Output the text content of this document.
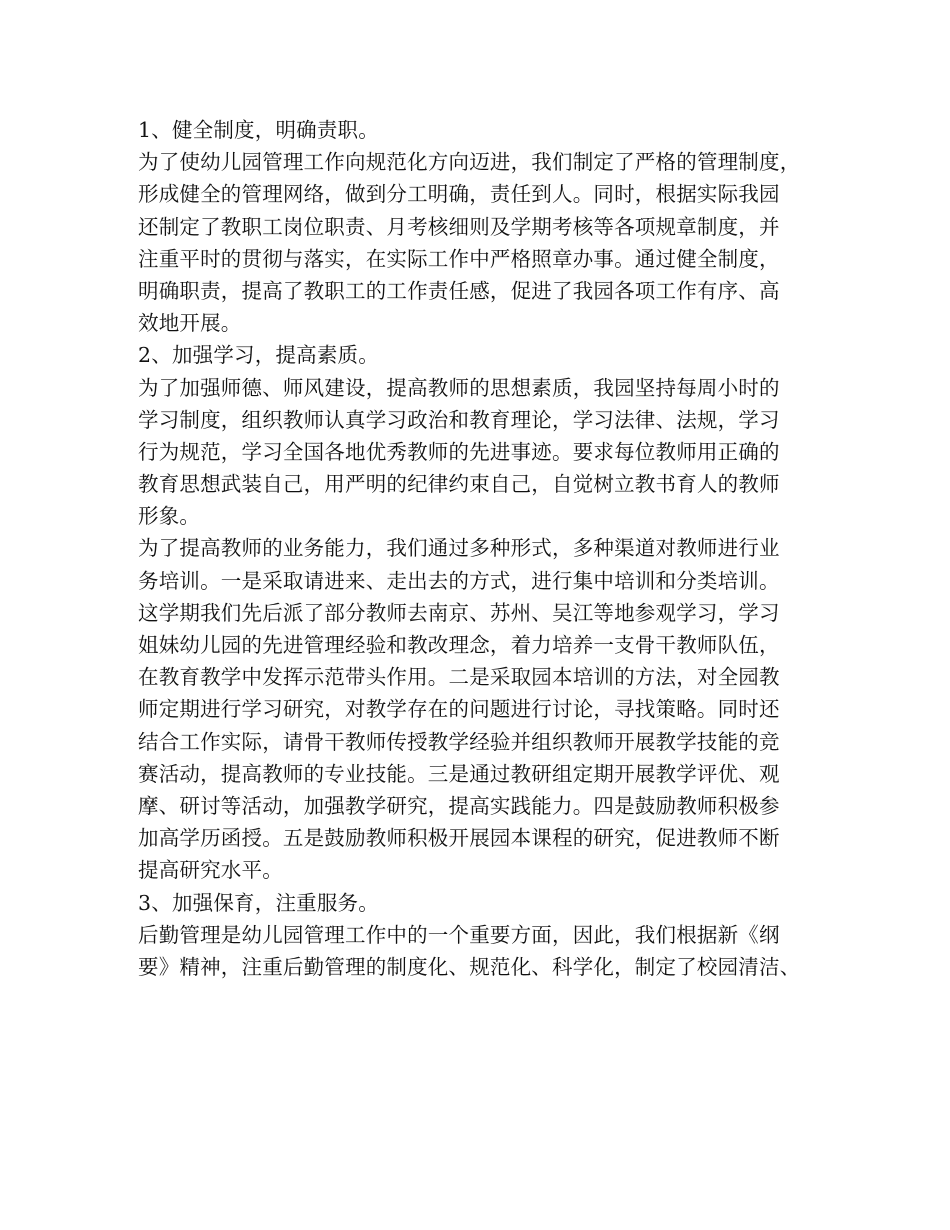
1、健全制度，明确责职。
为了使幼儿园管理工作向规范化方向迈进，我们制定了严格的管理制度，
形成健全的管理网络，做到分工明确，责任到人。同时，根据实际我园
还制定了教职工岗位职责、月考核细则及学期考核等各项规章制度，并
注重平时的贯彻与落实，在实际工作中严格照章办事。通过健全制度，
明确职责，提高了教职工的工作责任感，促进了我园各项工作有序、高
效地开展。
2、加强学习，提高素质。
为了加强师德、师风建设，提高教师的思想素质，我园坚持每周小时的
学习制度，组织教师认真学习政治和教育理论，学习法律、法规，学习
行为规范，学习全国各地优秀教师的先进事迹。要求每位教师用正确的
教育思想武装自己，用严明的纪律约束自己，自觉树立教书育人的教师
形象。
为了提高教师的业务能力，我们通过多种形式，多种渠道对教师进行业
务培训。一是采取请进来、走出去的方式，进行集中培训和分类培训。
这学期我们先后派了部分教师去南京、苏州、吴江等地参观学习，学习
姐妹幼儿园的先进管理经验和教改理念，着力培养一支骨干教师队伍，
在教育教学中发挥示范带头作用。二是采取园本培训的方法，对全园教
师定期进行学习研究，对教学存在的问题进行讨论，寻找策略。同时还
结合工作实际，请骨干教师传授教学经验并组织教师开展教学技能的竞
赛活动，提高教师的专业技能。三是通过教研组定期开展教学评优、观
摩、研讨等活动，加强教学研究，提高实践能力。四是鼓励教师积极参
加高学历函授。五是鼓励教师积极开展园本课程的研究，促进教师不断
提高研究水平。
3、加强保育，注重服务。
后勤管理是幼儿园管理工作中的一个重要方面，因此，我们根据新《纲
要》精神，注重后勤管理的制度化、规范化、科学化，制定了校园清洁、
